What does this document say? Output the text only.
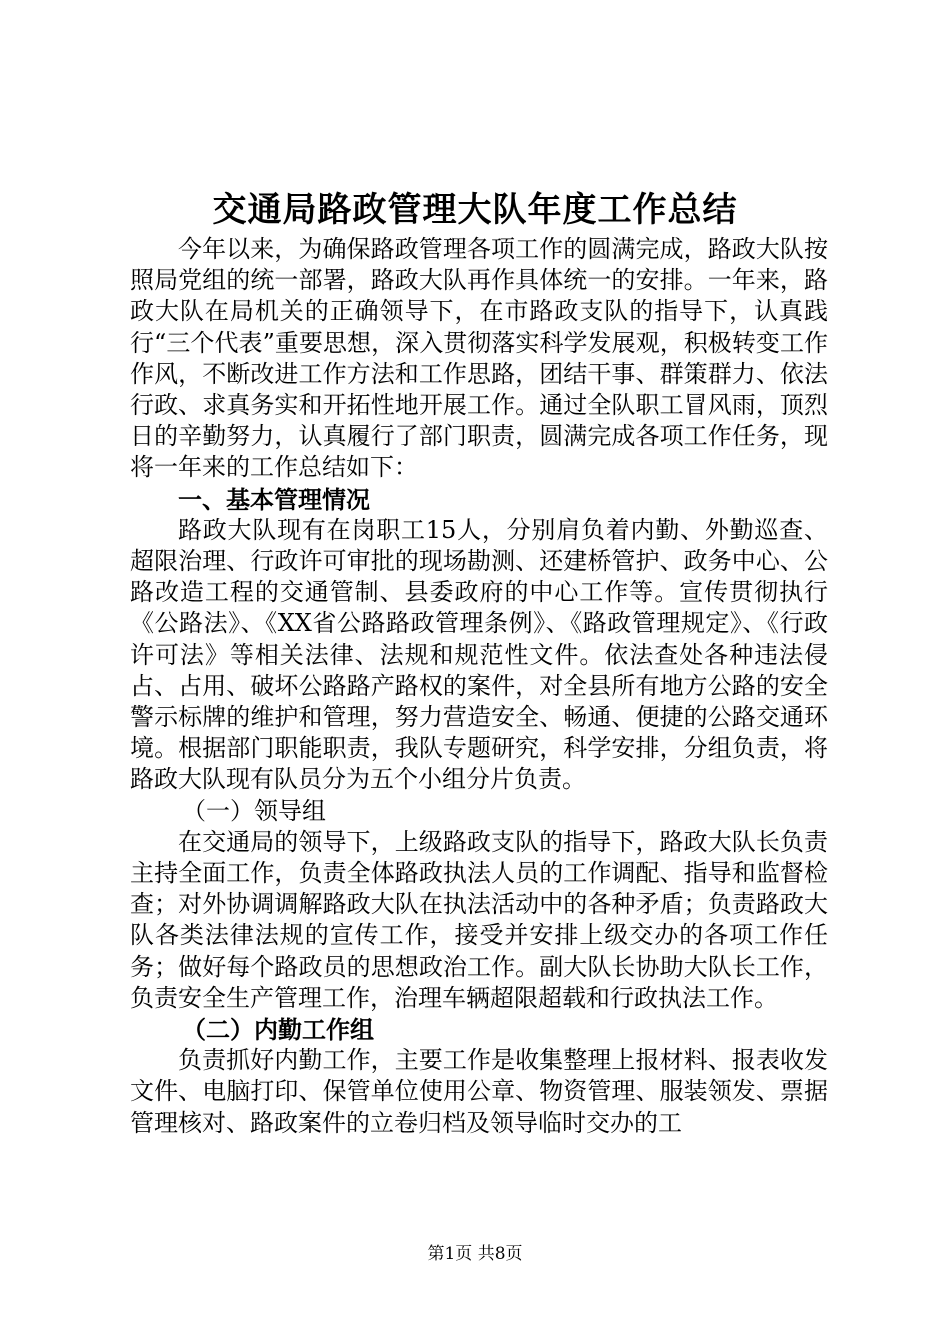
交通局路政管理大队年度工作总结

今年以来，为确保路政管理各项工作的圆满完成，路政大队按照局党组的统一部署，路政大队再作具体统一的安排。一年来，路政大队在局机关的正确领导下，在市路政支队的指导下，认真践行“三个代表”重要思想，深入贯彻落实科学发展观，积极转变工作作风，不断改进工作方法和工作思路，团结干事、群策群力、依法行政、求真务实和开拓性地开展工作。通过全队职工冒风雨，顶烈日的辛勤努力，认真履行了部门职责，圆满完成各项工作任务，现将一年来的工作总结如下：

一、基本管理情况

路政大队现有在岗职工15人，分别肩负着内勤、外勤巡查、超限治理、行政许可审批的现场勘测、还建桥管护、政务中心、公路改造工程的交通管制、县委政府的中心工作等。宣传贯彻执行《公路法》、《XX省公路路政管理条例》、《路政管理规定》、《行政许可法》等相关法律、法规和规范性文件。依法查处各种违法侵占、占用、破坏公路路产路权的案件，对全县所有地方公路的安全警示标牌的维护和管理，努力营造安全、畅通、便捷的公路交通环境。根据部门职能职责，我队专题研究，科学安排，分组负责，将路政大队现有队员分为五个小组分片负责。

（一）领导组

在交通局的领导下，上级路政支队的指导下，路政大队长负责主持全面工作，负责全体路政执法人员的工作调配、指导和监督检查；对外协调调解路政大队在执法活动中的各种矛盾；负责路政大队各类法律法规的宣传工作，接受并安排上级交办的各项工作任务；做好每个路政员的思想政治工作。副大队长协助大队长工作，负责安全生产管理工作，治理车辆超限超载和行政执法工作。

（二）内勤工作组

负责抓好内勤工作，主要工作是收集整理上报材料、报表收发文件、电脑打印、保管单位使用公章、物资管理、服装领发、票据管理核对、路政案件的立卷归档及领导临时交办的工

第1页 共8页
